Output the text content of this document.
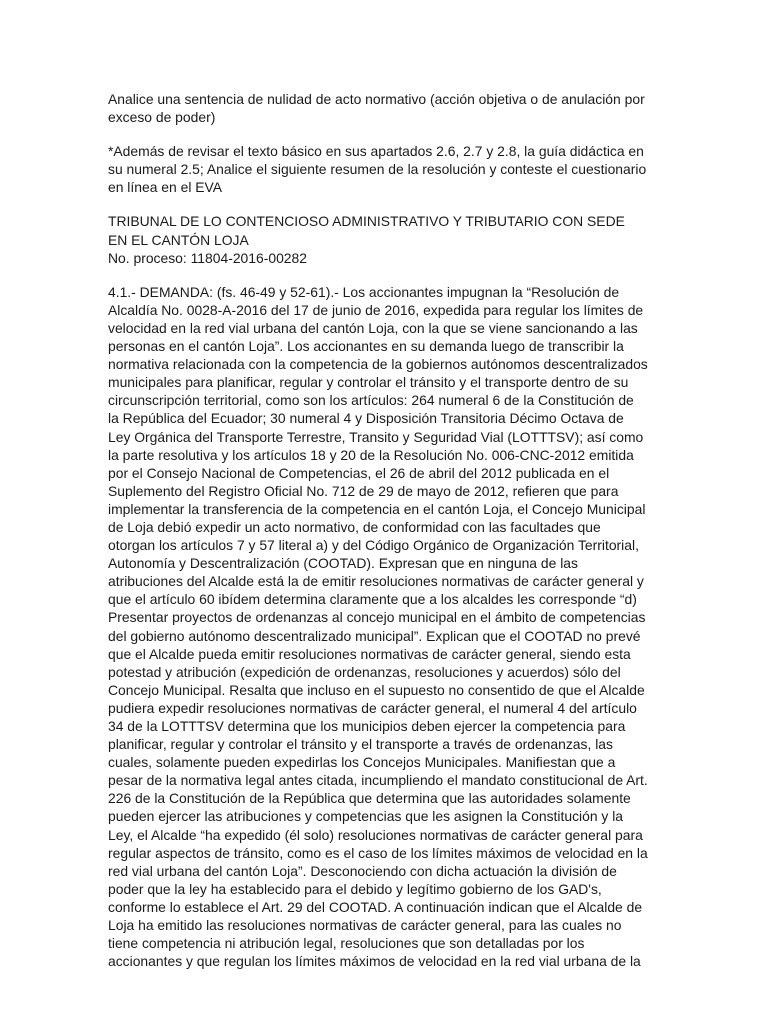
Analice una sentencia de nulidad de acto normativo (acción objetiva o de anulación por exceso de poder)

*Además de revisar el texto básico en sus apartados 2.6, 2.7 y 2.8, la guía didáctica en su numeral 2.5; Analice el siguiente resumen de la resolución y conteste el cuestionario en línea en el EVA

TRIBUNAL DE LO CONTENCIOSO ADMINISTRATIVO Y TRIBUTARIO CON SEDE EN EL CANTÓN LOJA

No. proceso: 11804-2016-00282

4.1.- DEMANDA: (fs. 46-49 y 52-61).- Los accionantes impugnan la “Resolución de Alcaldía No. 0028-A-2016 del 17 de junio de 2016, expedida para regular los límites de velocidad en la red vial urbana del cantón Loja, con la que se viene sancionando a las personas en el cantón Loja”. Los accionantes en su demanda luego de transcribir la normativa relacionada con la competencia de la gobiernos autónomos descentralizados municipales para planificar, regular y controlar el tránsito y el transporte dentro de su circunscripción territorial, como son los artículos: 264 numeral 6 de la Constitución de la República del Ecuador; 30 numeral 4 y Disposición Transitoria Décimo Octava de Ley Orgánica del Transporte Terrestre, Transito y Seguridad Vial (LOTTTSV); así como la parte resolutiva y los artículos 18 y 20 de la Resolución No. 006-CNC-2012 emitida por el Consejo Nacional de Competencias, el 26 de abril del 2012 publicada en el Suplemento del Registro Oficial No. 712 de 29 de mayo de 2012, refieren que para implementar la transferencia de la competencia en el cantón Loja, el Concejo Municipal de Loja debió expedir un acto normativo, de conformidad con las facultades que otorgan los artículos 7 y 57 literal a) y del Código Orgánico de Organización Territorial, Autonomía y Descentralización (COOTAD). Expresan que en ninguna de las atribuciones del Alcalde está la de emitir resoluciones normativas de carácter general y que el artículo 60 ibídem determina claramente que a los alcaldes les corresponde “d) Presentar proyectos de ordenanzas al concejo municipal en el ámbito de competencias del gobierno autónomo descentralizado municipal”. Explican que el COOTAD no prevé que el Alcalde pueda emitir resoluciones normativas de carácter general, siendo esta potestad y atribución (expedición de ordenanzas, resoluciones y acuerdos) sólo del Concejo Municipal. Resalta que incluso en el supuesto no consentido de que el Alcalde pudiera expedir resoluciones normativas de carácter general, el numeral 4 del artículo 34 de la LOTTTSV determina que los municipios deben ejercer la competencia para planificar, regular y controlar el tránsito y el transporte a través de ordenanzas, las cuales, solamente pueden expedirlas los Concejos Municipales. Manifiestan que a pesar de la normativa legal antes citada, incumpliendo el mandato constitucional de Art. 226 de la Constitución de la República que determina que las autoridades solamente pueden ejercer las atribuciones y competencias que les asignen la Constitución y la Ley, el Alcalde “ha expedido (él solo) resoluciones normativas de carácter general para regular aspectos de tránsito, como es el caso de los límites máximos de velocidad en la red vial urbana del cantón Loja”. Desconociendo con dicha actuación la división de poder que la ley ha establecido para el debido y legítimo gobierno de los GAD's, conforme lo establece el Art. 29 del COOTAD. A continuación indican que el Alcalde de Loja ha emitido las resoluciones normativas de carácter general, para las cuales no tiene competencia ni atribución legal, resoluciones que son detalladas por los accionantes y que regulan los límites máximos de velocidad en la red vial urbana de la
